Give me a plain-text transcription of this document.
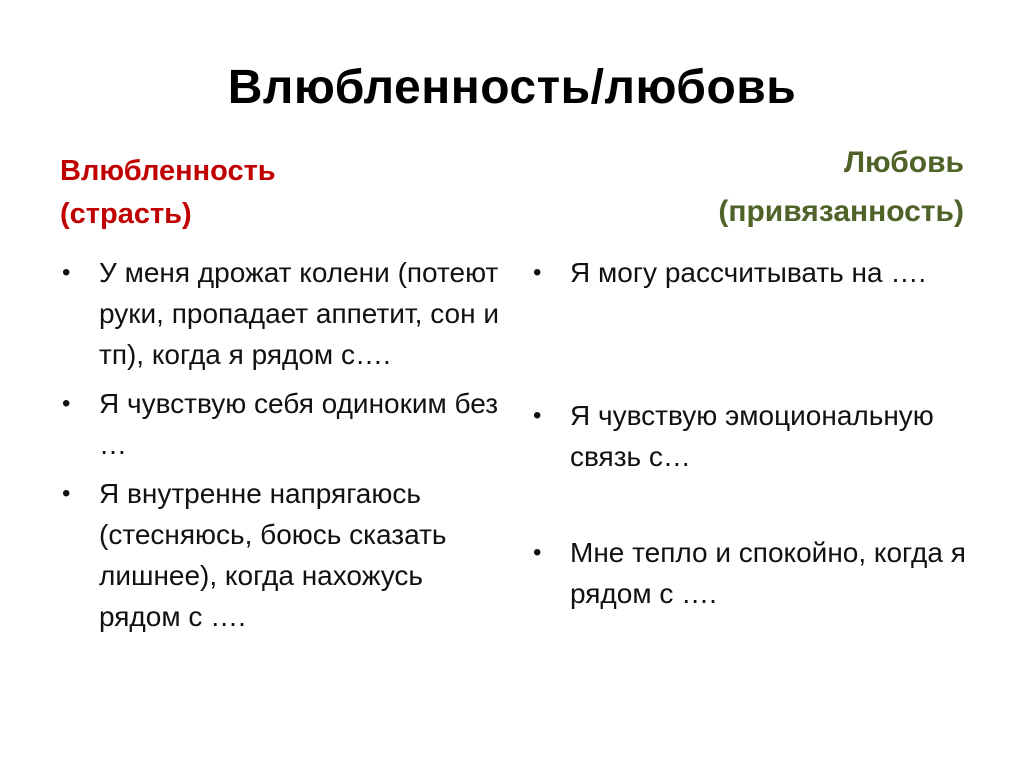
Влюбленность/любовь
Влюбленность
(страсть)
Любовь
(привязанность)
• У меня дрожат колени (потеют руки, пропадает аппетит, сон и тп), когда я рядом с….
• Я чувствую себя одиноким без …
• Я внутренне напрягаюсь (стесняюсь, боюсь сказать лишнее), когда нахожусь рядом с ….
• Я могу рассчитывать на ….
• Я чувствую эмоциональную связь с…
• Мне тепло и спокойно, когда я рядом с ….
